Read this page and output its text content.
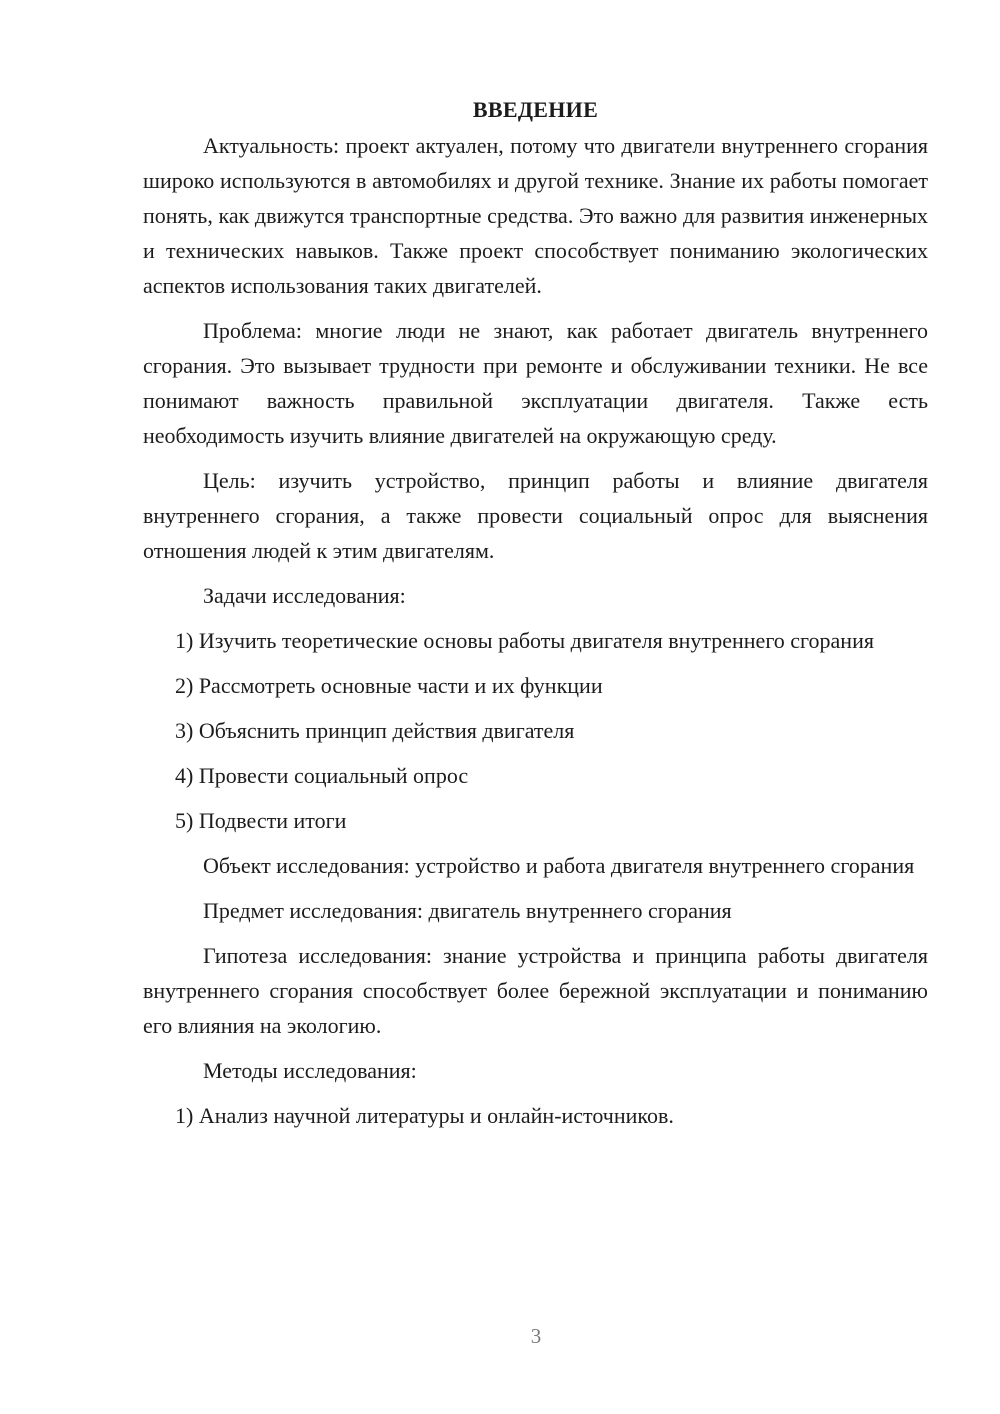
ВВЕДЕНИЕ

Актуальность: проект актуален, потому что двигатели внутреннего сгорания широко используются в автомобилях и другой технике. Знание их работы помогает понять, как движутся транспортные средства. Это важно для развития инженерных и технических навыков. Также проект способствует пониманию экологических аспектов использования таких двигателей.

Проблема: многие люди не знают, как работает двигатель внутреннего сгорания. Это вызывает трудности при ремонте и обслуживании техники. Не все понимают важность правильной эксплуатации двигателя. Также есть необходимость изучить влияние двигателей на окружающую среду.

Цель: изучить устройство, принцип работы и влияние двигателя внутреннего сгорания, а также провести социальный опрос для выяснения отношения людей к этим двигателям.

Задачи исследования:

1) Изучить теоретические основы работы двигателя внутреннего сгорания

2) Рассмотреть основные части и их функции

3) Объяснить принцип действия двигателя

4) Провести социальный опрос

5) Подвести итоги

Объект исследования: устройство и работа двигателя внутреннего сгорания

Предмет исследования: двигатель внутреннего сгорания

Гипотеза исследования: знание устройства и принципа работы двигателя внутреннего сгорания способствует более бережной эксплуатации и пониманию его влияния на экологию.

Методы исследования:

1) Анализ научной литературы и онлайн-источников.

3
